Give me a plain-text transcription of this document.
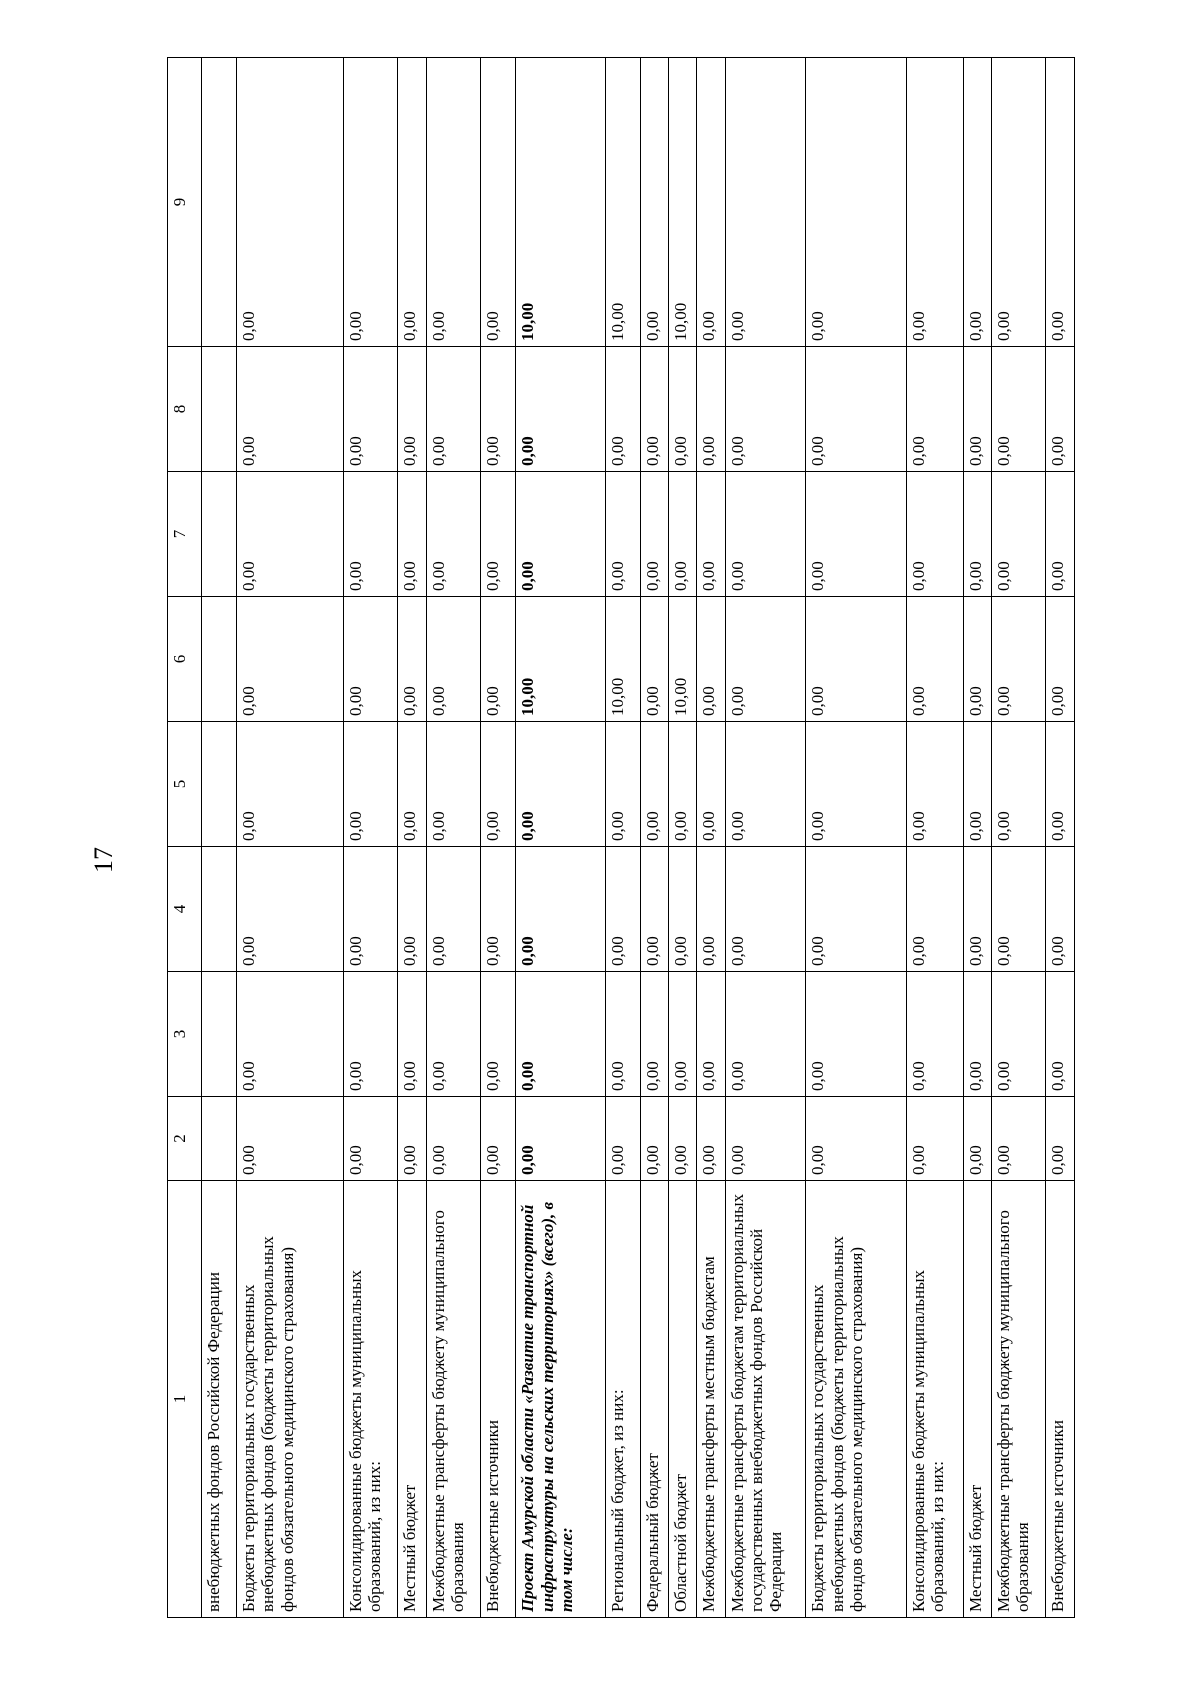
17
1	2	3	4	5	6	7	8	9
внебюджетных фондов Российской Федерации								
Бюджеты территориальных государственных внебюджетных фондов (бюджеты территориальных фондов обязательного медицинского страхования)	0,00	0,00	0,00	0,00	0,00	0,00	0,00	0,00
Консолидированные бюджеты муниципальных образований, из них:	0,00	0,00	0,00	0,00	0,00	0,00	0,00	0,00
Местный бюджет	0,00	0,00	0,00	0,00	0,00	0,00	0,00	0,00
Межбюджетные трансферты бюджету муниципального образования	0,00	0,00	0,00	0,00	0,00	0,00	0,00	0,00
Внебюджетные источники	0,00	0,00	0,00	0,00	0,00	0,00	0,00	0,00
Проект Амурской области «Развитие транспортной инфраструктуры на сельских территориях» (всего), в том числе:	0,00	0,00	0,00	0,00	10,00	0,00	0,00	10,00
Региональный бюджет, из них:	0,00	0,00	0,00	0,00	10,00	0,00	0,00	10,00
Федеральный бюджет	0,00	0,00	0,00	0,00	0,00	0,00	0,00	0,00
Областной бюджет	0,00	0,00	0,00	0,00	10,00	0,00	0,00	10,00
Межбюджетные трансферты местным бюджетам	0,00	0,00	0,00	0,00	0,00	0,00	0,00	0,00
Межбюджетные трансферты бюджетам территориальных государственных внебюджетных фондов Российской Федерации	0,00	0,00	0,00	0,00	0,00	0,00	0,00	0,00
Бюджеты территориальных государственных внебюджетных фондов (бюджеты территориальных фондов обязательного медицинского страхования)	0,00	0,00	0,00	0,00	0,00	0,00	0,00	0,00
Консолидированные бюджеты муниципальных образований, из них:	0,00	0,00	0,00	0,00	0,00	0,00	0,00	0,00
Местный бюджет	0,00	0,00	0,00	0,00	0,00	0,00	0,00	0,00
Межбюджетные трансферты бюджету муниципального образования	0,00	0,00	0,00	0,00	0,00	0,00	0,00	0,00
Внебюджетные источники	0,00	0,00	0,00	0,00	0,00	0,00	0,00	0,00
